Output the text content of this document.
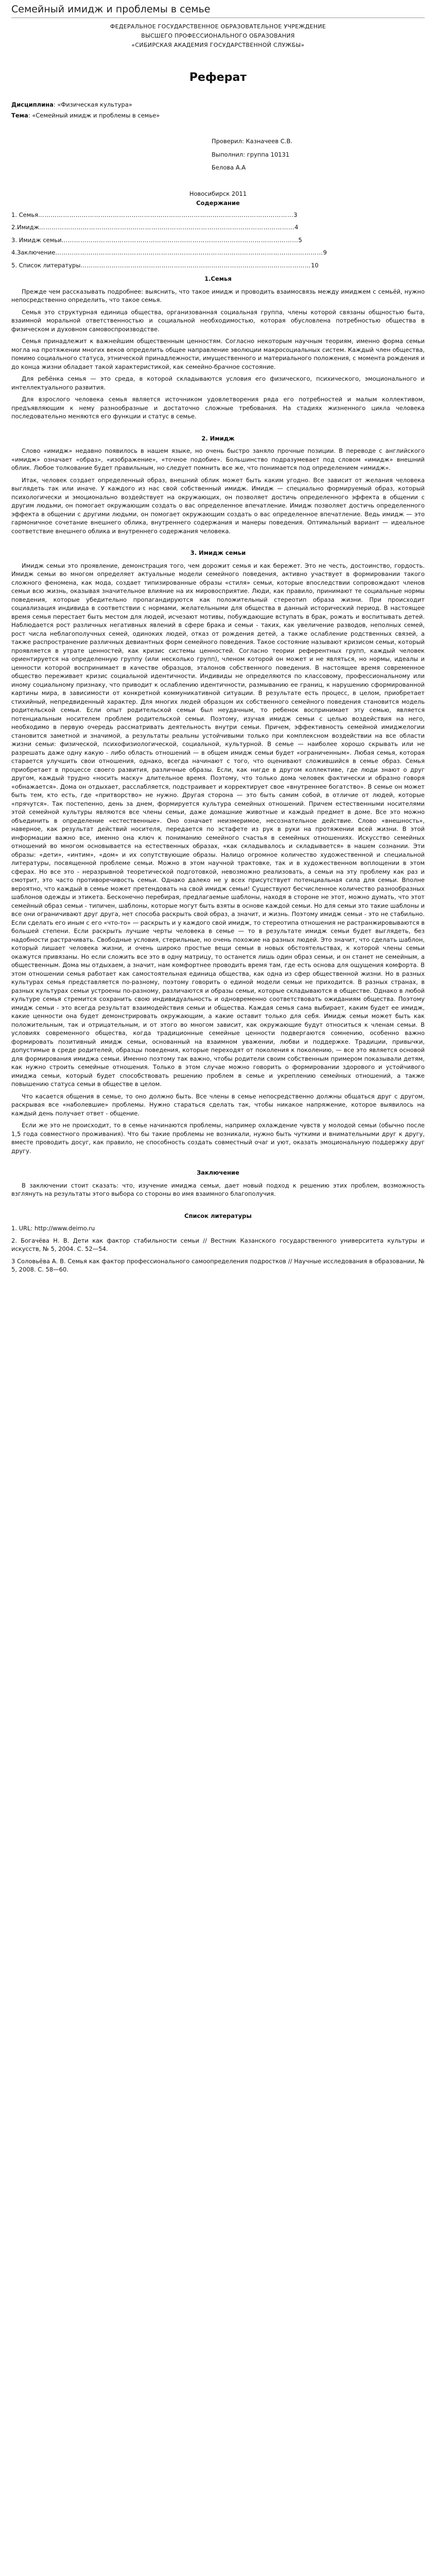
Семейный имидж и проблемы в семье
ФЕДЕРАЛЬНОЕ ГОСУДАРСТВЕННОЕ ОБРАЗОВАТЕЛЬНОЕ УЧРЕЖДЕНИЕ
ВЫСШЕГО ПРОФЕССИОНАЛЬНОГО ОБРАЗОВАНИЯ
«СИБИРСКАЯ АКАДЕМИЯ ГОСУДАРСТВЕННОЙ СЛУЖБЫ»
Реферат
Дисциплина: «Физическая культура»
Тема: «Семейный имидж и проблемы в семье»
Проверил: Казначеев С.В.
Выполнил: группа 10131
Белова А.А
Новосибирск 2011
Содержание
1. Семья …………………………………………………………………………………………………………… 3
2.Имидж …………………………………………………………………………………………………………… 4
3. Имидж семьи …………………………………………………………………………………………………… 5
4.Заключение ………………………………………………………………………………………………………………… 9
5. Список литературы ………………………………………………………………………………………………… 10
1.Семья

Прежде чем рассказывать подробнее: выяснить, что такое имидж и проводить взаимосвязь между имиджем с семьёй, нужно непосредственно определить, что такое семья.

Семья это структурная единица общества, организованная социальная группа, члены которой связаны общностью быта, взаимной моральной ответственностью и социальной необходимостью, которая обусловлена потребностью общества в физическом и духовном самовоспроизводстве.

Семья принадлежит к важнейшим общественным ценностям. Согласно некоторым научным теориям, именно форма семьи могла на протяжении многих веков определить общее направление эволюции макросоциальных систем. Каждый член общества, помимо социального статуса, этнической принадлежности, имущественного и материального положения, с момента рождения и до конца жизни обладает такой характеристикой, как семейно-брачное состояние.

Для ребёнка семья — это среда, в которой складываются условия его физического, психического, эмоционального и интеллектуального развития.

Для взрослого человека семья является источником удовлетворения ряда его потребностей и малым коллективом, предъявляющим к нему разнообразные и достаточно сложные требования. На стадиях жизненного цикла человека последовательно меняются его функции и статус в семье.

2. Имидж

Слово «имидж» недавно появилось в нашем языке, но очень быстро заняло прочные позиции. В переводе с английского «имидж» означает «образ», «изображение», «точное подобие». Большинство подразумевает под словом «имидж» внешний облик. Любое толкование будет правильным, но следует помнить все же, что понимается под определением «имидж».

Итак, человек создает определенный образ, внешний облик может быть каким угодно. Все зависит от желания человека выглядеть так или иначе. У каждого из нас свой собственный имидж. Имидж — специально формируемый образ, который психологически и эмоционально воздействует на окружающих, он позволяет достичь определенного эффекта в общении с другим людьми, он помогает окружающим создать о вас определенное впечатление. Имидж позволяет достичь определенного эффекта в общении с другими людьми, он помогает окружающим создать о вас определенное впечатление. Ведь имидж — это гармоничное сочетание внешнего облика, внутреннего содержания и манеры поведения. Оптимальный вариант — идеальное соответствие внешнего облика и внутреннего содержания человека.

3. Имидж семьи

Имидж семьи это проявление, демонстрация того, чем дорожит семья и как бережет. Это не честь, достоинство, гордость. Имидж семьи во многом определяет актуальные модели семейного поведения, активно участвует в формировании такого сложного феномена, как мода, создает типизированные образы «стиля» семьи, которые впоследствии сопровождают членов семьи всю жизнь, оказывая значительное влияние на их мировосприятие. Люди, как правило, принимают те социальные нормы поведения, которые убедительно пропагандируются как положительный стереотип образа жизни. При происходит социализация индивида в соответствии с нормами, желательными для общества в данный исторический период. В настоящее время семья перестает быть местом для людей, исчезают мотивы, побуждающие вступать в брак, рожать и воспитывать детей. Наблюдается рост различных негативных явлений в сфере брака и семьи - таких, как увеличение разводов, неполных семей, рост числа неблагополучных семей, одиноких людей, отказ от рождения детей, а также ослабление родственных связей, а также распространение различных девиантных форм семейного поведения. Такое состояние называют кризисом семьи, который проявляется в утрате ценностей, как кризис системы ценностей. Согласно теории референтных групп, каждый человек ориентируется на определенную группу (или несколько групп), членом которой он может и не являться, но нормы, идеалы и ценности которой воспринимает в качестве образцов, эталонов собственного поведения. В настоящее время современное общество переживает кризис социальной идентичности. Индивиды не определяются по классовому, профессиональному или иному социальному признаку, что приводит к ослаблению идентичности, размыванию ее границ, к нарушению сформированной картины мира, в зависимости от конкретной коммуникативной ситуации. В результате есть процесс, в целом, приобретает стихийный, непредвиденный характер. Для многих людей образцом их собственного семейного поведения становится модель родительской семьи. Если опыт родительской семьи был неудачным, то ребенок воспринимает эту семью, является потенциальным носителем проблем родительской семьи. Поэтому, изучая имидж семьи с целью воздействия на него, необходимо в первую очередь рассматривать деятельность внутри семьи. Причем, эффективность семейной имиджелогии становится заметной и значимой, а результаты реальны устойчивыми только при комплексном воздействии на все области жизни семьи: физической, психофизиологической, социальной, культурной. В семье — наиболее хорошо скрывать или не разрешать даже одну какую - либо область отношений — в общем имидж семьи будет «ограниченным». Любая семья, которая старается улучшить свои отношения, однако, всегда начинают с того, что оценивают сложившийся в семье образ. Семья приобретает в процессе своего развития, различные образы. Если, как нигде в другом коллективе, где люди знают о друг другом, каждый трудно «носить маску» длительное время. Поэтому, что только дома человек фактически и образно говоря «обнажается». Дома он отдыхает, расслабляется, подстраивает и корректирует свое «внутреннее богатство». В семье он может быть тем, кто есть, где «притворство» не нужно. Другая сторона — это быть самим собой, в отличие от людей, которые «прячутся». Так постепенно, день за днем, формируется культура семейных отношений. Причем естественными носителями этой семейной культуры являются все члены семьи, даже домашние животные и каждый предмет в доме. Все это можно объединить в определение «естественные». Оно означает неизмеримое, несознательное действие. Слово «внешность», наверное, как результат действий носителя, передается по эстафете из рук в руки на протяжении всей жизни. В этой информации важно все, именно она ключ к пониманию семейного счастья в семейных отношениях. Искусство семейных отношений во многом основывается на естественных образах, «как складывалось и складывается» в нашем сознании. Эти образы: «дети», «интим», «дом» и их сопутствующие образы. Налицо огромное количество художественной и специальной литературы, посвященной проблеме семьи. Можно в этом научной трактовке, так и в художественном воплощении в этом сферах. Но все это - неразрывной теоретической подготовкой, невозможно реализовать, а семьи на эту проблему как раз и смотрит, это часто противоречивость семьи. Однако далеко не у всех присутствует потенциальная сила для семьи. Вполне вероятно, что каждый в семье может претендовать на свой имидж семьи! Существуют бесчисленное количество разнообразных шаблонов одежды и этикета. Бесконечно перебирая, предлагаемые шаблоны, находя в стороне не этот, можно думать, что этот семейный образ семьи - типичен, шаблоны, которые могут быть взяты в основе каждой семьи. Но для семьи это такие шаблоны и все они ограничивают друг друга, нет способа раскрыть свой образ, а значит, и жизнь. Поэтому имидж семьи - это не стабильно. Если сделать его иным с его «что-то» — раскрыть и у каждого свой имидж, то стереотипа отношения не растранжировываются в большей степени. Если раскрыть лучшие черты человека в семье — то в результате имидж семьи будет выглядеть, без надобности растрачивать. Свободные условия, стерильные, но очень похожие на разных людей. Это значит, что сделать шаблон, который лишает человека жизни, и очень широко простые вещи семьи в новых обстоятельствах, к которой члены семьи окажутся привязаны. Но если сложить все это в одну матрицу, то останется лишь один образ семьи, и он станет не семейным, а общественным. Дома мы отдыхаем, а значит, нам комфортнее проводить время там, где есть основа для ощущения комфорта. В этом отношении семья работает как самостоятельная единица общества, как одна из сфер общественной жизни. Но в разных культурах семья представляется по-разному, поэтому говорить о единой модели семьи не приходится. В разных странах, в разных культурах семьи устроены по-разному, различаются и образы семьи, которые складываются в обществе. Однако в любой культуре семья стремится сохранить свою индивидуальность и одновременно соответствовать ожиданиям общества. Поэтому имидж семьи - это всегда результат взаимодействия семьи и общества. Каждая семья сама выбирает, каким будет ее имидж, какие ценности она будет демонстрировать окружающим, а какие оставит только для себя. Имидж семьи может быть как положительным, так и отрицательным, и от этого во многом зависит, как окружающие будут относиться к членам семьи. В условиях современного общества, когда традиционные семейные ценности подвергаются сомнению, особенно важно формировать позитивный имидж семьи, основанный на взаимном уважении, любви и поддержке. Традиции, привычки, допустимые в среде родителей, образцы поведения, которые переходят от поколения к поколению, — все это является основой для формирования имиджа семьи. Именно поэтому так важно, чтобы родители своим собственным примером показывали детям, как нужно строить семейные отношения. Только в этом случае можно говорить о формировании здорового и устойчивого имиджа семьи, который будет способствовать решению проблем в семье и укреплению семейных отношений, а также повышению статуса семьи в обществе в целом.

Что касается общения в семье, то оно должно быть. Все члены в семье непосредственно должны общаться друг с другом, раскрывая все «наболевшие» проблемы. Нужно стараться сделать так, чтобы никакое напряжение, которое выявилось на каждый день получает ответ - общение.

Если же это не происходит, то в семье начинаются проблемы, например охлаждение чувств у молодой семьи (обычно после 1,5 года совместного проживания). Что бы такие проблемы не возникали, нужно быть чуткими и внимательными друг к другу, вместе проводить досуг, как правило, не способность создать совместный очаг и уют, оказать эмоциональную поддержку друг другу.

Заключение

В заключении стоит сказать: что, изучение имиджа семьи, дает новый подход к решению этих проблем, возможность взглянуть на результаты этого выбора со стороны во имя взаимного благополучия.

Список литературы
1. URL: http://www.deimo.ru
2. Богачёва Н. В. Дети как фактор стабильности семьи // Вестник Казанского государственного университета культуры и искусств, № 5, 2004. С. 52—54.
3 Соловьёва А. В. Семья как фактор профессионального самоопределения подростков // Научные исследования в образовании, № 5, 2008. С. 58—60.
